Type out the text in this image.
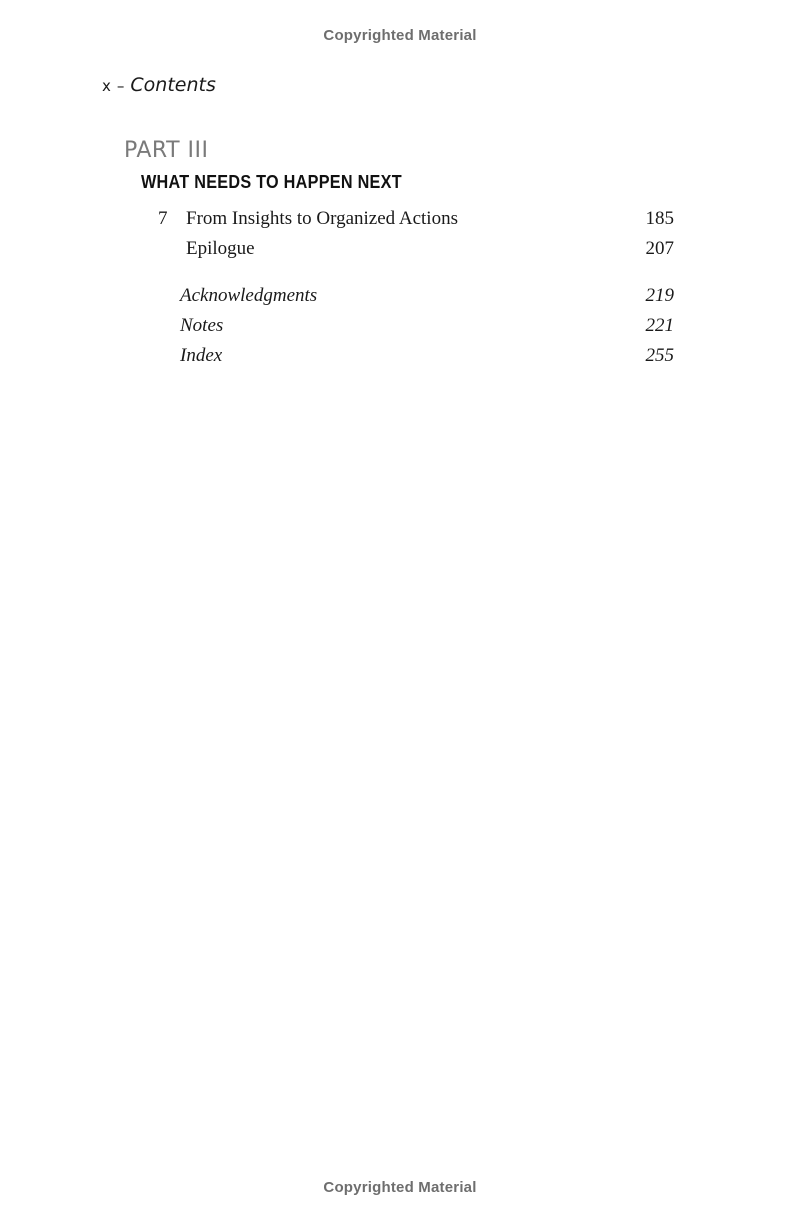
Copyrighted Material
x – Contents
PART III
WHAT NEEDS TO HAPPEN NEXT
7 From Insights to Organized Actions	185
Epilogue	207
Acknowledgments	219
Notes	221
Index	255
Copyrighted Material
